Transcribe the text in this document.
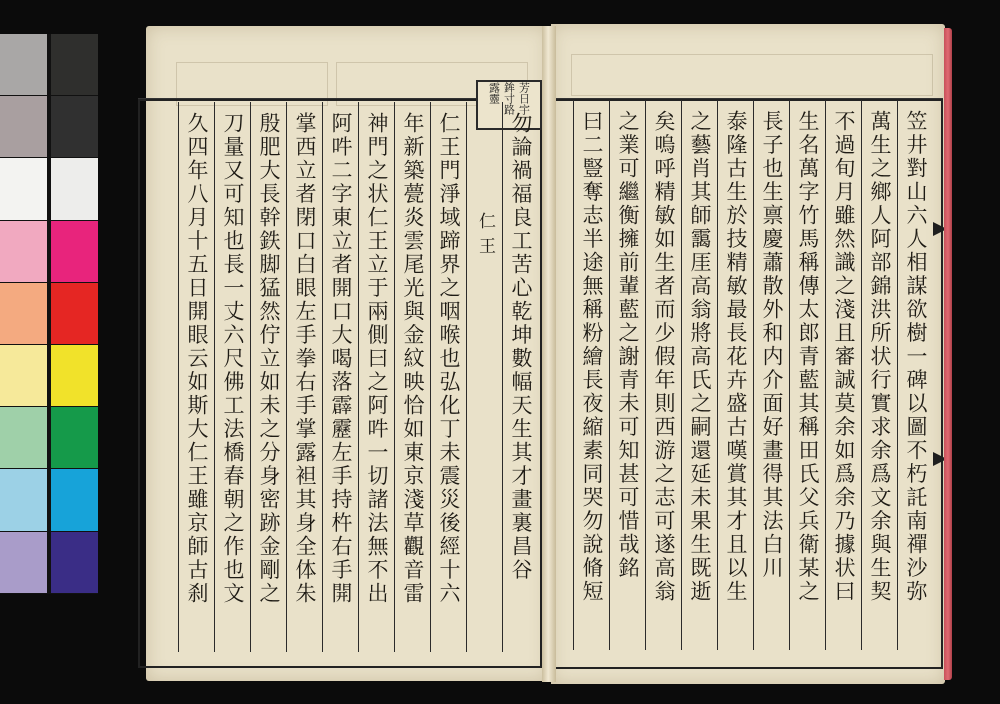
芳日宇
鉾寸路
露靈
勿論禍福良工苦心乾坤數幅天生其才畫裏昌谷
仁王
仁王門淨域蹄界之咽喉也弘化丁未震災後經十六
年新築甍炎雲尾光與金紋映恰如東京淺草觀音雷
神門之状仁王立于兩側曰之阿吽一切諸法無不出
阿吽二字東立者開口大喝落霹靂左手持杵右手開
掌西立者閉口白眼左手拳右手掌露袒其身全体朱
殷肥大長幹鉄脚猛然佇立如未之分身密跡金剛之
刀量又可知也長一丈六尺佛工法橋春朝之作也文
久四年八月十五日開眼云如斯大仁王雖京師古刹	笠井對山六人相謀欲樹一碑以圖不朽託南禪沙弥
萬生之鄉人阿部錦洪所状行實求余爲文余與生契
不過旬月雖然識之淺且審誠莫余如爲余乃據状曰
生名萬字竹馬稱傳太郎青藍其稱田氏父兵衛某之
長子也生禀慶蕭散外和内介面好畫得其法白川
泰隆古生於技精敏最長花卉盛古嘆賞其才且以生
之藝肖其師靄厓高翁將高氏之嗣還延未果生既逝
矣嗚呼精敏如生者而少假年則西游之志可遂高翁
之業可繼衡擁前輩藍之謝青未可知甚可惜哉銘
曰二豎奪志半途無稱粉繪長夜縮素同哭勿說脩短
